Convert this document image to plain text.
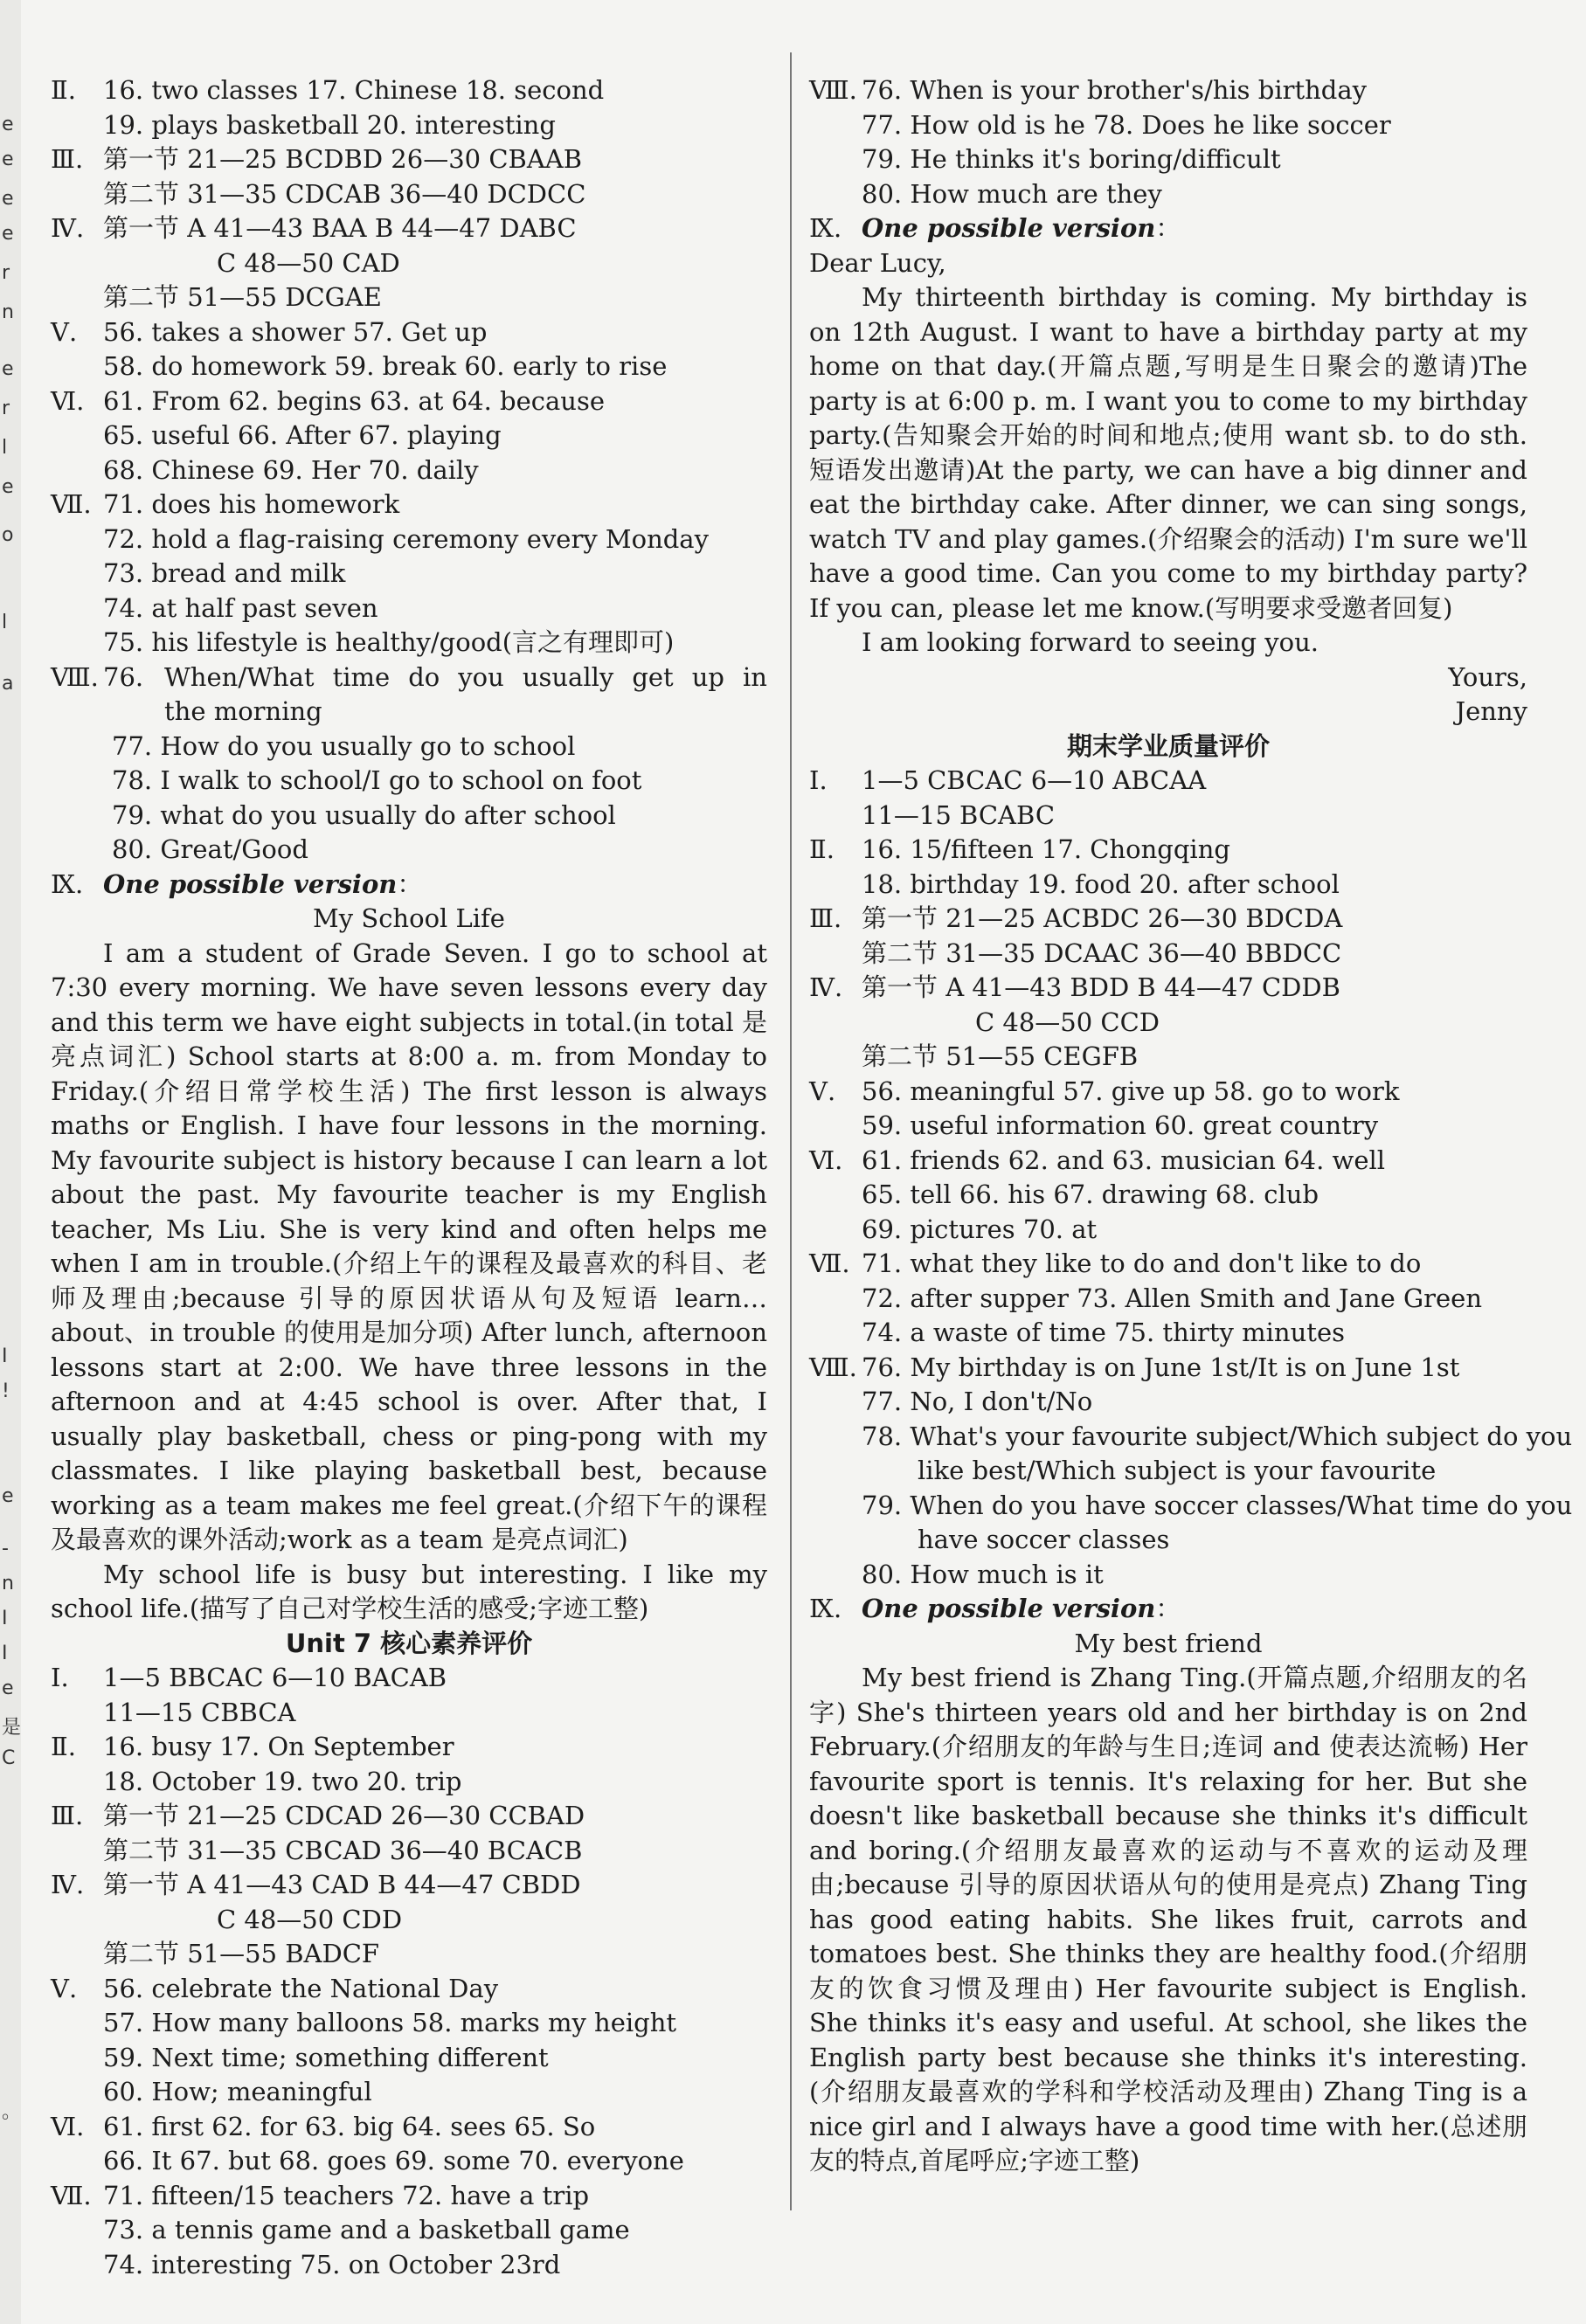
e
e
e
e
r
n
e
r
l
e
o
l
a
I
!
e
-
n
I
I
e
是
C
。
Ⅱ. 16. two classes 17. Chinese 18. second
19. plays basketball 20. interesting
Ⅲ. 第一节 21—25 BCDBD 26—30 CBAAB
第二节 31—35 CDCAB 36—40 DCDCC
Ⅳ. 第一节 A 41—43 BAA B 44—47 DABC
C 48—50 CAD
第二节 51—55 DCGAE
Ⅴ. 56. takes a shower 57. Get up
58. do homework 59. break 60. early to rise
Ⅵ. 61. From 62. begins 63. at 64. because
65. useful 66. After 67. playing
68. Chinese 69. Her 70. daily
Ⅶ. 71. does his homework
72. hold a flag-raising ceremony every Monday
73. bread and milk
74. at half past seven
75. his lifestyle is healthy/good(言之有理即可)
Ⅷ. 76. When/What time do you usually get up in
the morning
77. How do you usually go to school
78. I walk to school/I go to school on foot
79. what do you usually do after school
80. Great/Good
Ⅸ. One possible version：
My School Life
I am a student of Grade Seven. I go to school at 7:30 every morning. We have seven lessons every day and this term we have eight subjects in total.(in total 是亮点词汇) School starts at 8:00 a. m. from Monday to Friday.(介绍日常学校生活) The first lesson is always maths or English. I have four lessons in the morning. My favourite subject is history because I can learn a lot about the past. My favourite teacher is my English teacher, Ms Liu. She is very kind and often helps me when I am in trouble.(介绍上午的课程及最喜欢的科目、老师及理由;because 引导的原因状语从句及短语 learn…about、in trouble 的使用是加分项) After lunch, afternoon lessons start at 2:00. We have three lessons in the afternoon and at 4:45 school is over. After that, I usually play basketball, chess or ping-pong with my classmates. I like playing basketball best, because working as a team makes me feel great.(介绍下午的课程及最喜欢的课外活动;work as a team 是亮点词汇)
My school life is busy but interesting. I like my school life.(描写了自己对学校生活的感受;字迹工整)
Unit 7 核心素养评价
Ⅰ. 1—5 BBCAC 6—10 BACAB
11—15 CBBCA
Ⅱ. 16. busy 17. On September
18. October 19. two 20. trip
Ⅲ. 第一节 21—25 CDCAD 26—30 CCBAD
第二节 31—35 CBCAD 36—40 BCACB
Ⅳ. 第一节 A 41—43 CAD B 44—47 CBDD
C 48—50 CDD
第二节 51—55 BADCF
Ⅴ. 56. celebrate the National Day
57. How many balloons 58. marks my height
59. Next time; something different
60. How; meaningful
Ⅵ. 61. first 62. for 63. big 64. sees 65. So
66. It 67. but 68. goes 69. some 70. everyone
Ⅶ. 71. fifteen/15 teachers 72. have a trip
73. a tennis game and a basketball game
74. interesting 75. on October 23rd
Ⅷ. 76. When is your brother's/his birthday
77. How old is he 78. Does he like soccer
79. He thinks it's boring/difficult
80. How much are they
Ⅸ. One possible version：
Dear Lucy,
My thirteenth birthday is coming. My birthday is on 12th August. I want to have a birthday party at my home on that day.(开篇点题,写明是生日聚会的邀请)The party is at 6:00 p. m. I want you to come to my birthday party.(告知聚会开始的时间和地点;使用 want sb. to do sth. 短语发出邀请)At the party, we can have a big dinner and eat the birthday cake. After dinner, we can sing songs, watch TV and play games.(介绍聚会的活动) I'm sure we'll have a good time. Can you come to my birthday party? If you can, please let me know.(写明要求受邀者回复)
I am looking forward to seeing you.
Yours,
Jenny
期末学业质量评价
Ⅰ. 1—5 CBCAC 6—10 ABCAA
11—15 BCABC
Ⅱ. 16. 15/fifteen 17. Chongqing
18. birthday 19. food 20. after school
Ⅲ. 第一节 21—25 ACBDC 26—30 BDCDA
第二节 31—35 DCAAC 36—40 BBDCC
Ⅳ. 第一节 A 41—43 BDD B 44—47 CDDB
C 48—50 CCD
第二节 51—55 CEGFB
Ⅴ. 56. meaningful 57. give up 58. go to work
59. useful information 60. great country
Ⅵ. 61. friends 62. and 63. musician 64. well
65. tell 66. his 67. drawing 68. club
69. pictures 70. at
Ⅶ. 71. what they like to do and don't like to do
72. after supper 73. Allen Smith and Jane Green
74. a waste of time 75. thirty minutes
Ⅷ. 76. My birthday is on June 1st/It is on June 1st
77. No, I don't/No
78. What's your favourite subject/Which subject do you
like best/Which subject is your favourite
79. When do you have soccer classes/What time do you
have soccer classes
80. How much is it
Ⅸ. One possible version：
My best friend
My best friend is Zhang Ting.(开篇点题,介绍朋友的名字) She's thirteen years old and her birthday is on 2nd February.(介绍朋友的年龄与生日;连词 and 使表达流畅) Her favourite sport is tennis. It's relaxing for her. But she doesn't like basketball because she thinks it's difficult and boring.(介绍朋友最喜欢的运动与不喜欢的运动及理由;because 引导的原因状语从句的使用是亮点) Zhang Ting has good eating habits. She likes fruit, carrots and tomatoes best. She thinks they are healthy food.(介绍朋友的饮食习惯及理由) Her favourite subject is English. She thinks it's easy and useful. At school, she likes the English party best because she thinks it's interesting.(介绍朋友最喜欢的学科和学校活动及理由) Zhang Ting is a nice girl and I always have a good time with her.(总述朋友的特点,首尾呼应;字迹工整)
